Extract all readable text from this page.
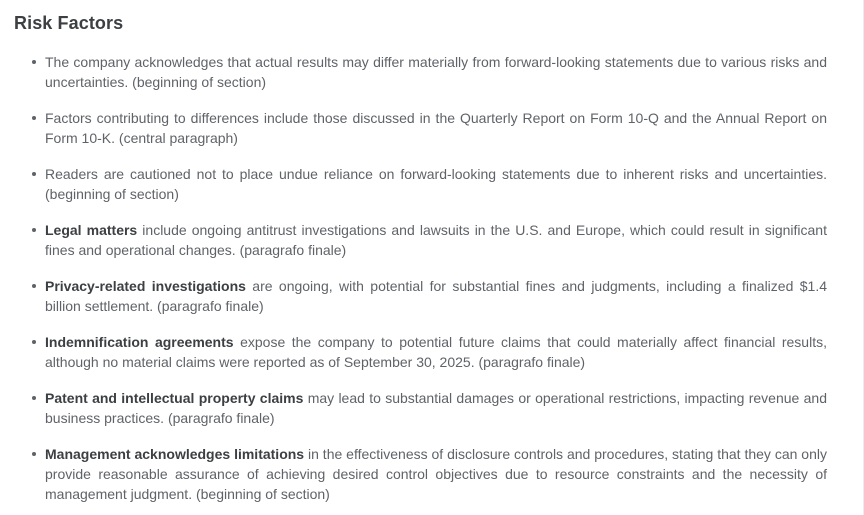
Risk Factors
The company acknowledges that actual results may differ materially from forward-looking statements due to various risks and uncertainties. (beginning of section)
Factors contributing to differences include those discussed in the Quarterly Report on Form 10-Q and the Annual Report on Form 10-K. (central paragraph)
Readers are cautioned not to place undue reliance on forward-looking statements due to inherent risks and uncertainties. (beginning of section)
Legal matters include ongoing antitrust investigations and lawsuits in the U.S. and Europe, which could result in significant fines and operational changes. (paragrafo finale)
Privacy-related investigations are ongoing, with potential for substantial fines and judgments, including a finalized $1.4 billion settlement. (paragrafo finale)
Indemnification agreements expose the company to potential future claims that could materially affect financial results, although no material claims were reported as of September 30, 2025. (paragrafo finale)
Patent and intellectual property claims may lead to substantial damages or operational restrictions, impacting revenue and business practices. (paragrafo finale)
Management acknowledges limitations in the effectiveness of disclosure controls and procedures, stating that they can only provide reasonable assurance of achieving desired control objectives due to resource constraints and the necessity of management judgment. (beginning of section)
